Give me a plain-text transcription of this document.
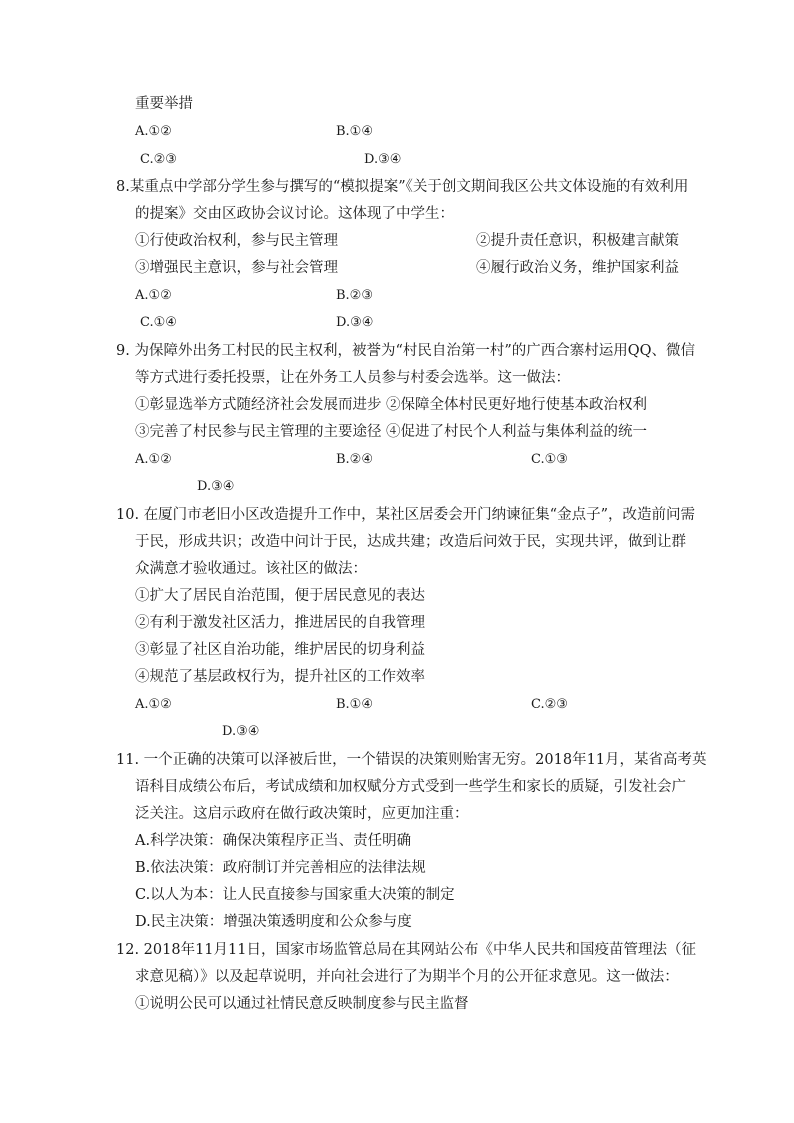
重要举措
A.①②	B.①④
C.②③	D.③④
8.某重点中学部分学生参与撰写的“模拟提案”《关于创文期间我区公共文体设施的有效利用
的提案》交由区政协会议讨论。这体现了中学生：
①行使政治权利，参与民主管理	②提升责任意识，积极建言献策
③增强民主意识，参与社会管理	④履行政治义务，维护国家利益
A.①②	B.②③
C.①④	D.③④
9. 为保障外出务工村民的民主权利，被誉为“村民自治第一村”的广西合寨村运用QQ、微信
等方式进行委托投票，让在外务工人员参与村委会选举。这一做法：
①彰显选举方式随经济社会发展而进步 ②保障全体村民更好地行使基本政治权利
③完善了村民参与民主管理的主要途径 ④促进了村民个人利益与集体利益的统一
A.①②	B.②④	C.①③
D.③④
10. 在厦门市老旧小区改造提升工作中，某社区居委会开门纳谏征集“金点子”，改造前问需
于民，形成共识；改造中问计于民，达成共建；改造后问效于民，实现共评，做到让群
众满意才验收通过。该社区的做法：
①扩大了居民自治范围，便于居民意见的表达
②有利于激发社区活力，推进居民的自我管理
③彰显了社区自治功能，维护居民的切身利益
④规范了基层政权行为，提升社区的工作效率
A.①②	B.①④	C.②③
D.③④
11. 一个正确的决策可以泽被后世，一个错误的决策则贻害无穷。2018年11月，某省高考英
语科目成绩公布后，考试成绩和加权赋分方式受到一些学生和家长的质疑，引发社会广
泛关注。这启示政府在做行政决策时，应更加注重：
A.科学决策：确保决策程序正当、责任明确
B.依法决策：政府制订并完善相应的法律法规
C.以人为本：让人民直接参与国家重大决策的制定
D.民主决策：增强决策透明度和公众参与度
12. 2018年11月11日，国家市场监管总局在其网站公布《中华人民共和国疫苗管理法（征
求意见稿）》以及起草说明，并向社会进行了为期半个月的公开征求意见。这一做法：
①说明公民可以通过社情民意反映制度参与民主监督
